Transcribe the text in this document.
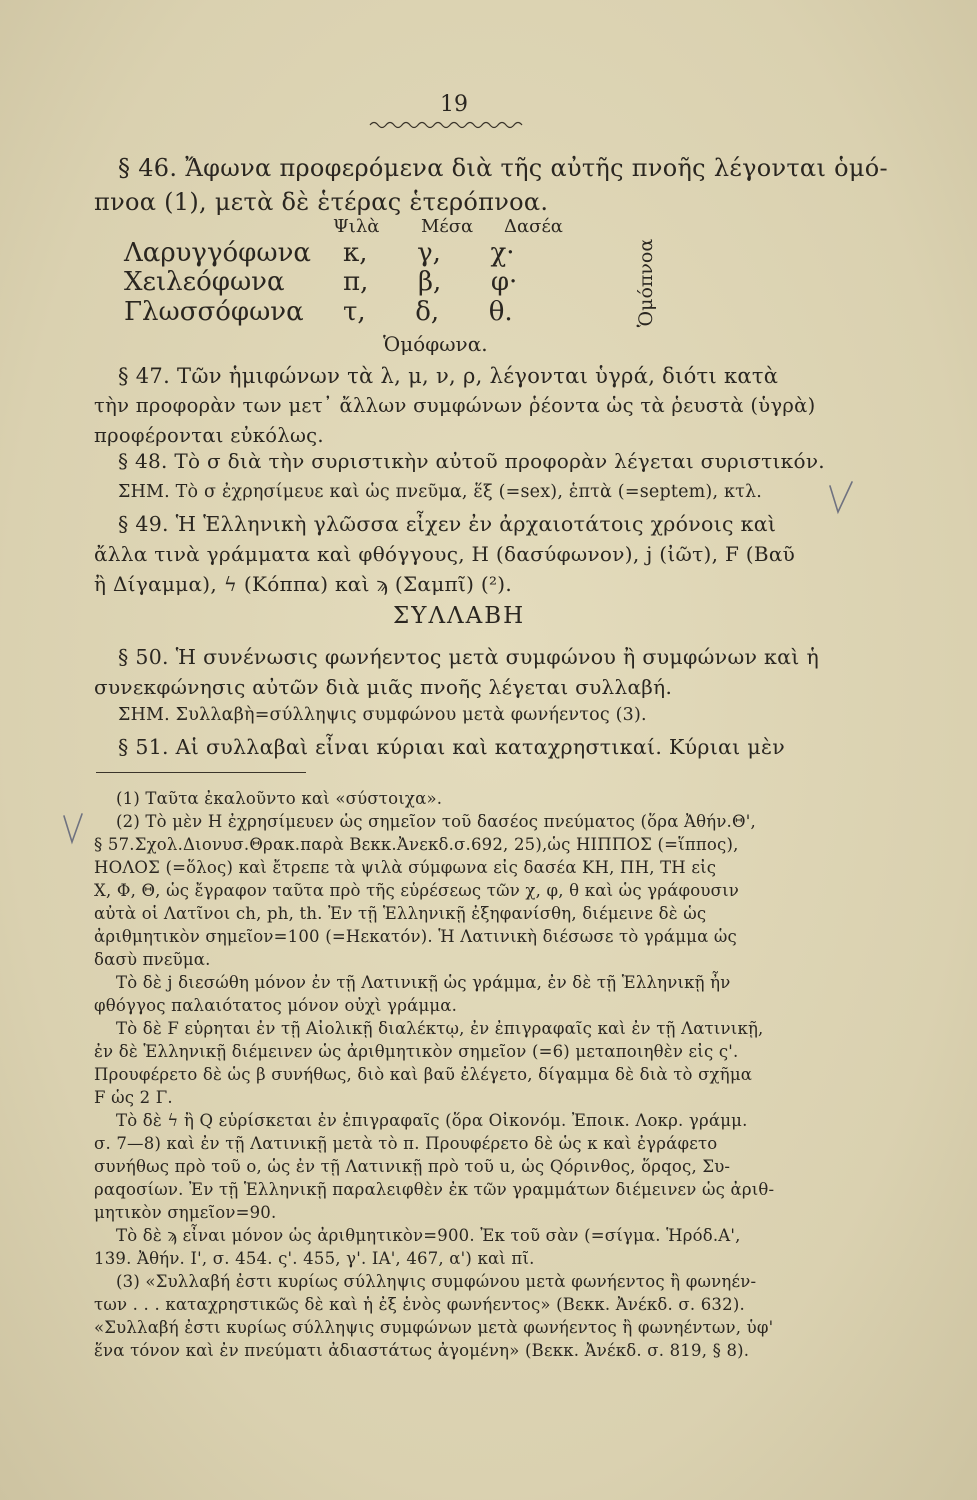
19
§ 46. Ἄφωνα προφερόμενα διὰ τῆς αὐτῆς πνοῆς λέγονται ὁμό-
πνοα (1), μετὰ δὲ ἑτέρας ἑτερόπνοα.
Ψιλὰ Μέσα Δασέα
Λαρυγγόφωνα κ,      γ,      χ·
Χειλεόφωνα π,      β,      φ·
Γλωσσόφωνα τ,      δ,      θ.	Ὁμόπνοα
Ὁμόφωνα.
§ 47. Τῶν ἡμιφώνων τὰ λ, μ, ν, ρ, λέγονται ὑγρά, διότι κατὰ
τὴν προφορὰν των μετ᾽ ἄλλων συμφώνων ῥέοντα ὡς τὰ ῥευστὰ (ὑγρὰ)
προφέρονται εὐκόλως.
§ 48. Τὸ σ διὰ τὴν συριστικὴν αὐτοῦ προφορὰν λέγεται συριστικόν.
ΣΗΜ. Τὸ σ ἐχρησίμευε καὶ ὡς πνεῦμα, ἕξ (=sex), ἑπτὰ (=septem), κτλ.
§ 49. Ἡ Ἑλληνικὴ γλῶσσα εἶχεν ἐν ἀρχαιοτάτοις χρόνοις καὶ
ἄλλα τινὰ γράμματα καὶ φθόγγους, Η (δασύφωνον), j (ἰῶτ), F (Βαῦ
ἢ Δίγαμμα), ϟ (Κόππα) καὶ ϡ (Σαμπῖ) (²).
ΣΥΛΛΑΒΗ
§ 50. Ἡ συνένωσις φωνήεντος μετὰ συμφώνου ἢ συμφώνων καὶ ἡ
συνεκφώνησις αὐτῶν διὰ μιᾶς πνοῆς λέγεται συλλαβή.
ΣΗΜ. Συλλαβὴ=σύλληψις συμφώνου μετὰ φωνήεντος (3).
§ 51. Αἱ συλλαβαὶ εἶναι κύριαι καὶ καταχρηστικαί. Κύριαι μὲν
(1) Ταῦτα ἐκαλοῦντο καὶ «σύστοιχα».
(2) Τὸ μὲν Η ἐχρησίμευεν ὡς σημεῖον τοῦ δασέος πνεύματος (ὅρα Ἀθήν.Θ',
§ 57.Σχολ.Διονυσ.Θρακ.παρὰ Βεκκ.Ἀνεκδ.σ.692, 25),ὡς ΗΙΠΠΟΣ (=ἵππος),
ΗΟΛΟΣ (=ὅλος) καὶ ἔτρεπε τὰ ψιλὰ σύμφωνα εἰς δασέα ΚΗ, ΠΗ, ΤΗ εἰς
Χ, Φ, Θ, ὡς ἔγραφον ταῦτα πρὸ τῆς εὑρέσεως τῶν χ, φ, θ καὶ ὡς γράφουσιν
αὐτὰ οἱ Λατῖνοι ch, ph, th. Ἐν τῇ Ἑλληνικῇ ἐξηφανίσθη, διέμεινε δὲ ὡς
ἀριθμητικὸν σημεῖον=100 (=Ηεκατόν). Ἡ Λατινικὴ διέσωσε τὸ γράμμα ὡς
δασὺ πνεῦμα.
Τὸ δὲ j διεσώθη μόνον ἐν τῇ Λατινικῇ ὡς γράμμα, ἐν δὲ τῇ Ἑλληνικῇ ἦν
φθόγγος παλαιότατος μόνον οὐχὶ γράμμα.
Τὸ δὲ F εὑρηται ἐν τῇ Αἰολικῇ διαλέκτῳ, ἐν ἐπιγραφαῖς καὶ ἐν τῇ Λατινικῇ,
ἐν δὲ Ἑλληνικῇ διέμεινεν ὡς ἀριθμητικὸν σημεῖον (=6) μεταποιηθὲν εἰς ς'.
Προυφέρετο δὲ ὡς β συνήθως, διὸ καὶ βαῦ ἐλέγετο, δίγαμμα δὲ διὰ τὸ σχῆμα
F ὡς 2 Γ.
Τὸ δὲ ϟ ἢ Q εὑρίσκεται ἐν ἐπιγραφαῖς (ὅρα Οἰκονόμ. Ἐποικ. Λοκρ. γράμμ.
σ. 7—8) καὶ ἐν τῇ Λατινικῇ μετὰ τὸ π. Προυφέρετο δὲ ὡς κ καὶ ἐγράφετο
συνήθως πρὸ τοῦ ο, ὡς ἐν τῇ Λατινικῇ πρὸ τοῦ u, ὡς Qόρινθος, ὅρqος, Συ-
ραqοσίων. Ἐν τῇ Ἑλληνικῇ παραλειφθὲν ἐκ τῶν γραμμάτων διέμεινεν ὡς ἀριθ-
μητικὸν σημεῖον=90.
Τὸ δὲ ϡ εἶναι μόνον ὡς ἀριθμητικὸν=900. Ἐκ τοῦ σὰν (=σίγμα. Ἡρόδ.Α',
139. Ἀθήν. Ι', σ. 454. ς'. 455, γ'. ΙΑ', 467, α') καὶ πῖ.
(3) «Συλλαβή ἐστι κυρίως σύλληψις συμφώνου μετὰ φωνήεντος ἢ φωνηέν-
των . . . καταχρηστικῶς δὲ καὶ ἡ ἐξ ἑνὸς φωνήεντος» (Βεκκ. Ἀνέκδ. σ. 632).
«Συλλαβή ἐστι κυρίως σύλληψις συμφώνων μετὰ φωνήεντος ἢ φωνηέντων, ὑφ'
ἕνα τόνον καὶ ἐν πνεύματι ἀδιαστάτως ἀγομένη» (Βεκκ. Ἀνέκδ. σ. 819, § 8).
